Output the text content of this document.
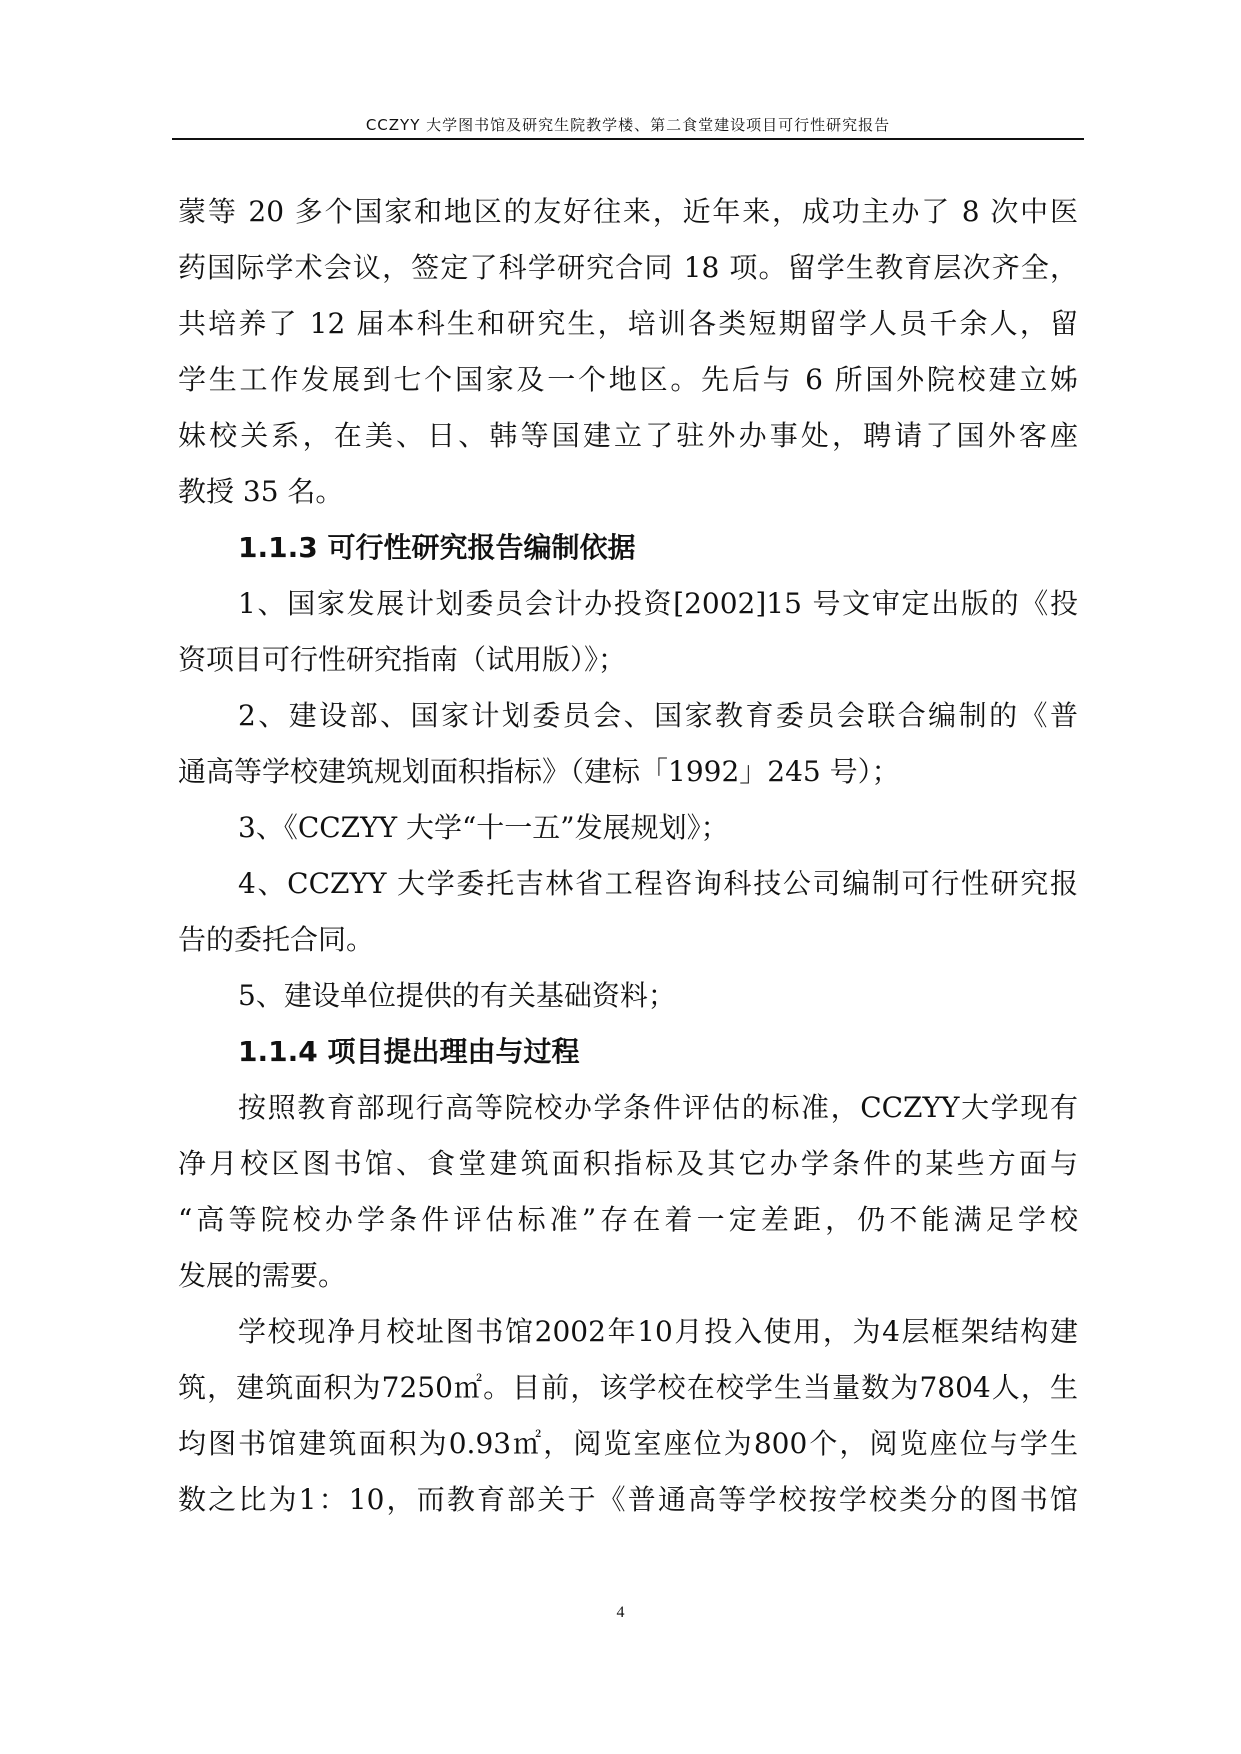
CCZYY 大学图书馆及研究生院教学楼、第二食堂建设项目可行性研究报告
蒙等 20 多个国家和地区的友好往来，近年来，成功主办了 8 次中医
药国际学术会议，签定了科学研究合同 18 项。留学生教育层次齐全，
共培养了 12 届本科生和研究生，培训各类短期留学人员千余人，留
学生工作发展到七个国家及一个地区。先后与 6 所国外院校建立姊
妹校关系，在美、日、韩等国建立了驻外办事处，聘请了国外客座
教授 35 名。
1.1.3 可行性研究报告编制依据
1、国家发展计划委员会计办投资[2002]15 号文审定出版的《投
资项目可行性研究指南（试用版）》；
2、建设部、国家计划委员会、国家教育委员会联合编制的《普
通高等学校建筑规划面积指标》（建标「1992」245 号）；
3、《CCZYY 大学“十一五”发展规划》；
4、CCZYY 大学委托吉林省工程咨询科技公司编制可行性研究报
告的委托合同。
5、建设单位提供的有关基础资料；
1.1.4 项目提出理由与过程
按照教育部现行高等院校办学条件评估的标准，CCZYY大学现有
净月校区图书馆、食堂建筑面积指标及其它办学条件的某些方面与
“高等院校办学条件评估标准”存在着一定差距，仍不能满足学校
发展的需要。
学校现净月校址图书馆2002年10月投入使用，为4层框架结构建
筑，建筑面积为7250㎡。目前，该学校在校学生当量数为7804人，生
均图书馆建筑面积为0.93㎡，阅览室座位为800个，阅览座位与学生
数之比为1：10，而教育部关于《普通高等学校按学校类分的图书馆
4
